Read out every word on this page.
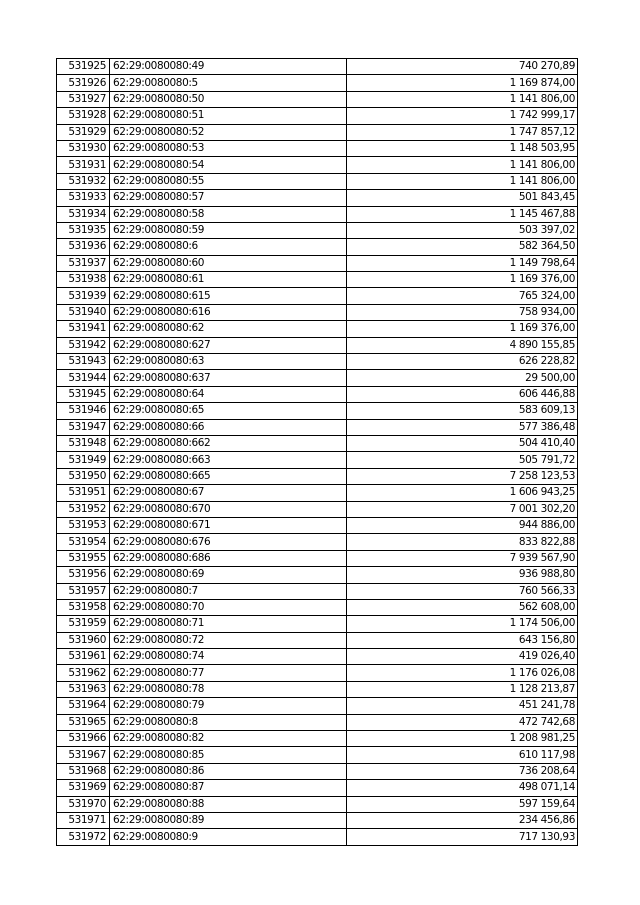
531925	62:29:0080080:49	740 270,89
531926	62:29:0080080:5	1 169 874,00
531927	62:29:0080080:50	1 141 806,00
531928	62:29:0080080:51	1 742 999,17
531929	62:29:0080080:52	1 747 857,12
531930	62:29:0080080:53	1 148 503,95
531931	62:29:0080080:54	1 141 806,00
531932	62:29:0080080:55	1 141 806,00
531933	62:29:0080080:57	501 843,45
531934	62:29:0080080:58	1 145 467,88
531935	62:29:0080080:59	503 397,02
531936	62:29:0080080:6	582 364,50
531937	62:29:0080080:60	1 149 798,64
531938	62:29:0080080:61	1 169 376,00
531939	62:29:0080080:615	765 324,00
531940	62:29:0080080:616	758 934,00
531941	62:29:0080080:62	1 169 376,00
531942	62:29:0080080:627	4 890 155,85
531943	62:29:0080080:63	626 228,82
531944	62:29:0080080:637	29 500,00
531945	62:29:0080080:64	606 446,88
531946	62:29:0080080:65	583 609,13
531947	62:29:0080080:66	577 386,48
531948	62:29:0080080:662	504 410,40
531949	62:29:0080080:663	505 791,72
531950	62:29:0080080:665	7 258 123,53
531951	62:29:0080080:67	1 606 943,25
531952	62:29:0080080:670	7 001 302,20
531953	62:29:0080080:671	944 886,00
531954	62:29:0080080:676	833 822,88
531955	62:29:0080080:686	7 939 567,90
531956	62:29:0080080:69	936 988,80
531957	62:29:0080080:7	760 566,33
531958	62:29:0080080:70	562 608,00
531959	62:29:0080080:71	1 174 506,00
531960	62:29:0080080:72	643 156,80
531961	62:29:0080080:74	419 026,40
531962	62:29:0080080:77	1 176 026,08
531963	62:29:0080080:78	1 128 213,87
531964	62:29:0080080:79	451 241,78
531965	62:29:0080080:8	472 742,68
531966	62:29:0080080:82	1 208 981,25
531967	62:29:0080080:85	610 117,98
531968	62:29:0080080:86	736 208,64
531969	62:29:0080080:87	498 071,14
531970	62:29:0080080:88	597 159,64
531971	62:29:0080080:89	234 456,86
531972	62:29:0080080:9	717 130,93
